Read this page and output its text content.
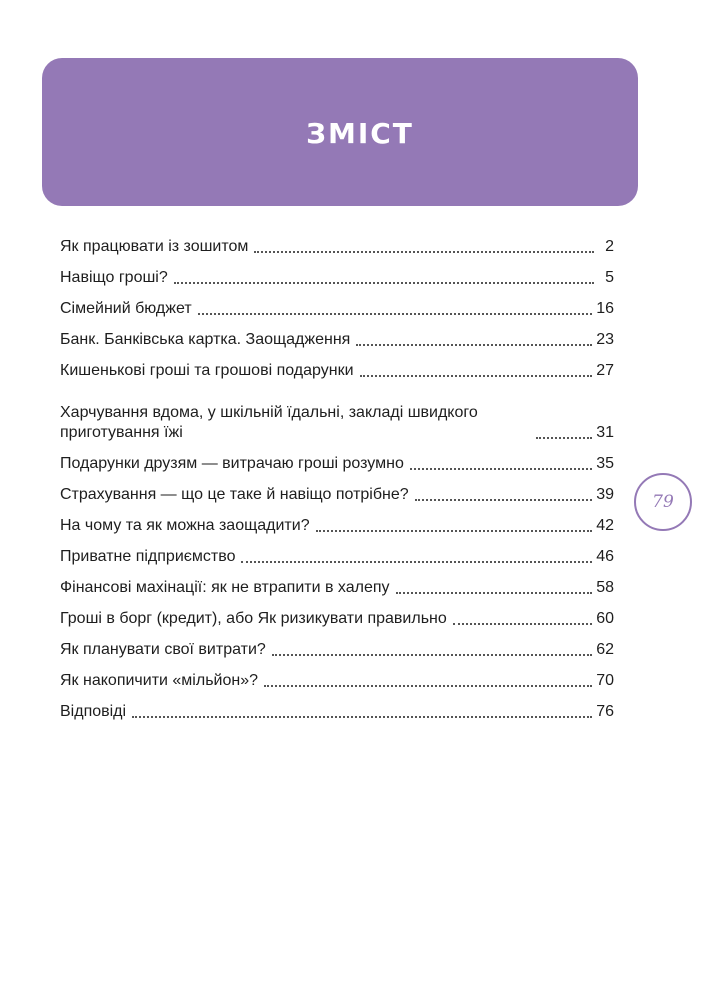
ЗМІСТ
Як працювати із зошитом	2
Навіщо гроші?	5
Сімейний бюджет	16
Банк. Банківська картка. Заощадження	23
Кишенькові гроші та грошові подарунки	27
Харчування вдома, у шкільній їдальні, закладі швидкого приготування їжі	31
Подарунки друзям — витрачаю гроші розумно	35
Страхування — що це таке й навіщо потрібне?	39
На чому та як можна заощадити?	42
Приватне підприємство	46
Фінансові махінації: як не втрапити в халепу	58
Гроші в борг (кредит), або Як ризикувати правильно	60
Як планувати свої витрати?	62
Як накопичити «мільйон»?	70
Відповіді	76
79
